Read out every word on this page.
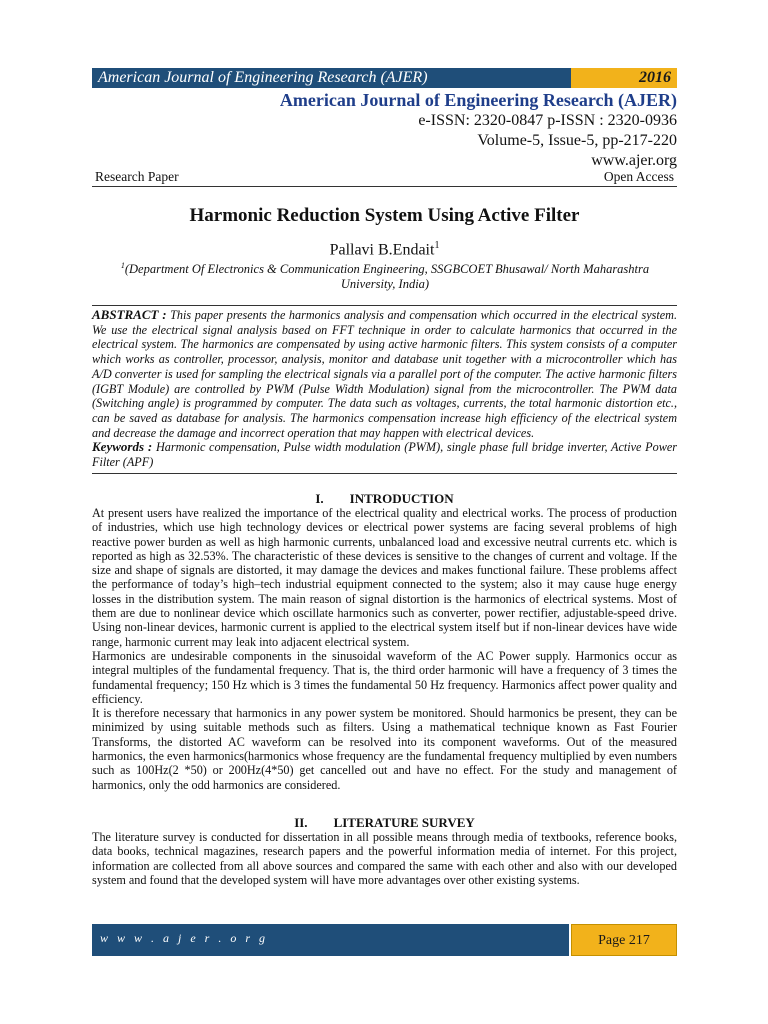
American Journal of Engineering Research (AJER)	2016
American Journal of Engineering Research (AJER)
e-ISSN: 2320-0847 p-ISSN : 2320-0936
Volume-5, Issue-5, pp-217-220
www.ajer.org
Research Paper	Open Access
Harmonic Reduction System Using Active Filter
Pallavi B.Endait$^1$
$^1$(Department Of Electronics & Communication Engineering, SSGBCOET Bhusawal/ North Maharashtra University, India)

ABSTRACT : This paper presents the harmonics analysis and compensation which occurred in the electrical system. We use the electrical signal analysis based on FFT technique in order to calculate harmonics that occurred in the electrical system. The harmonics are compensated by using active harmonic filters. This system consists of a computer which works as controller, processor, analysis, monitor and database unit together with a microcontroller which has A/D converter is used for sampling the electrical signals via a parallel port of the computer. The active harmonic filters (IGBT Module) are controlled by PWM (Pulse Width Modulation) signal from the microcontroller. The PWM data (Switching angle) is programmed by computer. The data such as voltages, currents, the total harmonic distortion etc., can be saved as database for analysis. The harmonics compensation increase high efficiency of the electrical system and decrease the damage and incorrect operation that may happen with electrical devices.

Keywords : Harmonic compensation, Pulse width modulation (PWM), single phase full bridge inverter, Active Power Filter (APF)

I. INTRODUCTION

At present users have realized the importance of the electrical quality and electrical works. The process of production of industries, which use high technology devices or electrical power systems are facing several problems of high reactive power burden as well as high harmonic currents, unbalanced load and excessive neutral currents etc. which is reported as high as 32.53%. The characteristic of these devices is sensitive to the changes of current and voltage. If the size and shape of signals are distorted, it may damage the devices and makes functional failure. These problems affect the performance of today’s high–tech industrial equipment connected to the system; also it may cause huge energy losses in the distribution system. The main reason of signal distortion is the harmonics of electrical systems. Most of them are due to nonlinear device which oscillate harmonics such as converter, power rectifier, adjustable-speed drive. Using non-linear devices, harmonic current is applied to the electrical system itself but if non-linear devices have wide range, harmonic current may leak into adjacent electrical system.

Harmonics are undesirable components in the sinusoidal waveform of the AC Power supply. Harmonics occur as integral multiples of the fundamental frequency. That is, the third order harmonic will have a frequency of 3 times the fundamental frequency; 150 Hz which is 3 times the fundamental 50 Hz frequency. Harmonics affect power quality and efficiency.

It is therefore necessary that harmonics in any power system be monitored. Should harmonics be present, they can be minimized by using suitable methods such as filters. Using a mathematical technique known as Fast Fourier Transforms, the distorted AC waveform can be resolved into its component waveforms. Out of the measured harmonics, the even harmonics(harmonics whose frequency are the fundamental frequency multiplied by even numbers such as 100Hz(2 *50) or 200Hz(4*50) get cancelled out and have no effect. For the study and management of harmonics, only the odd harmonics are considered.

II. LITERATURE SURVEY

The literature survey is conducted for dissertation in all possible means through media of textbooks, reference books, data books, technical magazines, research papers and the powerful information media of internet. For this project, information are collected from all above sources and compared the same with each other and also with our developed system and found that the developed system will have more advantages over other existing systems.

w w w . a j e r . o r g	Page 217
